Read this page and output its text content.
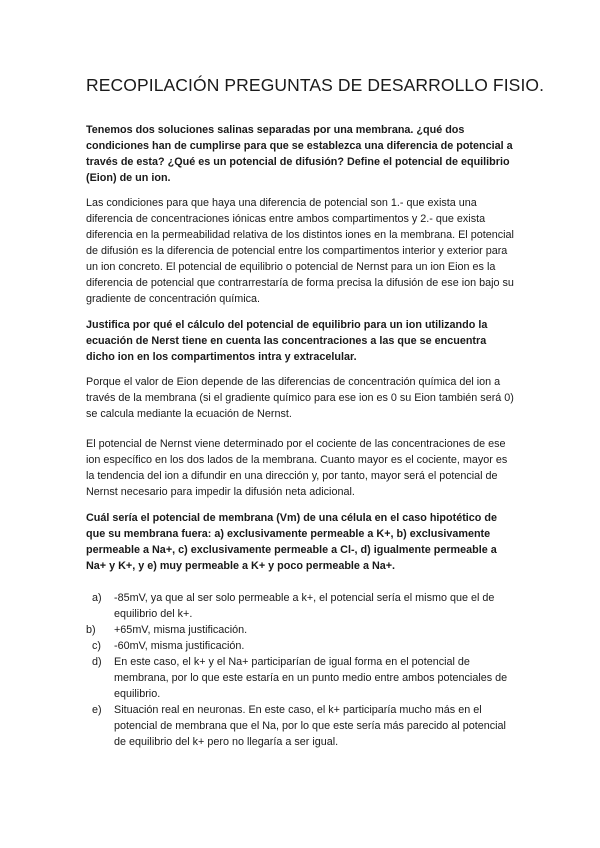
RECOPILACIÓN PREGUNTAS DE DESARROLLO FISIO.

Tenemos dos soluciones salinas separadas por una membrana. ¿qué dos condiciones han de cumplirse para que se establezca una diferencia de potencial a través de esta? ¿Qué es un potencial de difusión? Define el potencial de equilibrio (Eion) de un ion.

Las condiciones para que haya una diferencia de potencial son 1.- que exista una diferencia de concentraciones iónicas entre ambos compartimentos y 2.- que exista diferencia en la permeabilidad relativa de los distintos iones en la membrana. El potencial de difusión es la diferencia de potencial entre los compartimentos interior y exterior para un ion concreto. El potencial de equilibrio o potencial de Nernst para un ion Eion es la diferencia de potencial que contrarrestaría de forma precisa la difusión de ese ion bajo su gradiente de concentración química.

Justifica por qué el cálculo del potencial de equilibrio para un ion utilizando la ecuación de Nerst tiene en cuenta las concentraciones a las que se encuentra dicho ion en los compartimentos intra y extracelular.

Porque el valor de Eion depende de las diferencias de concentración química del ion a través de la membrana (si el gradiente químico para ese ion es 0 su Eion también será 0) se calcula mediante la ecuación de Nernst.

El potencial de Nernst viene determinado por el cociente de las concentraciones de ese ion específico en los dos lados de la membrana. Cuanto mayor es el cociente, mayor es la tendencia del ion a difundir en una dirección y, por tanto, mayor será el potencial de Nernst necesario para impedir la difusión neta adicional.

Cuál sería el potencial de membrana (Vm) de una célula en el caso hipotético de que su membrana fuera: a) exclusivamente permeable a K+, b) exclusivamente permeable a Na+, c) exclusivamente permeable a Cl-, d) igualmente permeable a Na+ y K+, y e) muy permeable a K+ y poco permeable a Na+.

a)	-85mV, ya que al ser solo permeable a k+, el potencial sería el mismo que el de equilibrio del k+.
b)	+65mV, misma justificación.
c)	-60mV, misma justificación.
d)	En este caso, el k+ y el Na+ participarían de igual forma en el potencial de membrana, por lo que este estaría en un punto medio entre ambos potenciales de equilibrio.
e)	Situación real en neuronas. En este caso, el k+ participaría mucho más en el potencial de membrana que el Na, por lo que este sería más parecido al potencial de equilibrio del k+ pero no llegaría a ser igual.
